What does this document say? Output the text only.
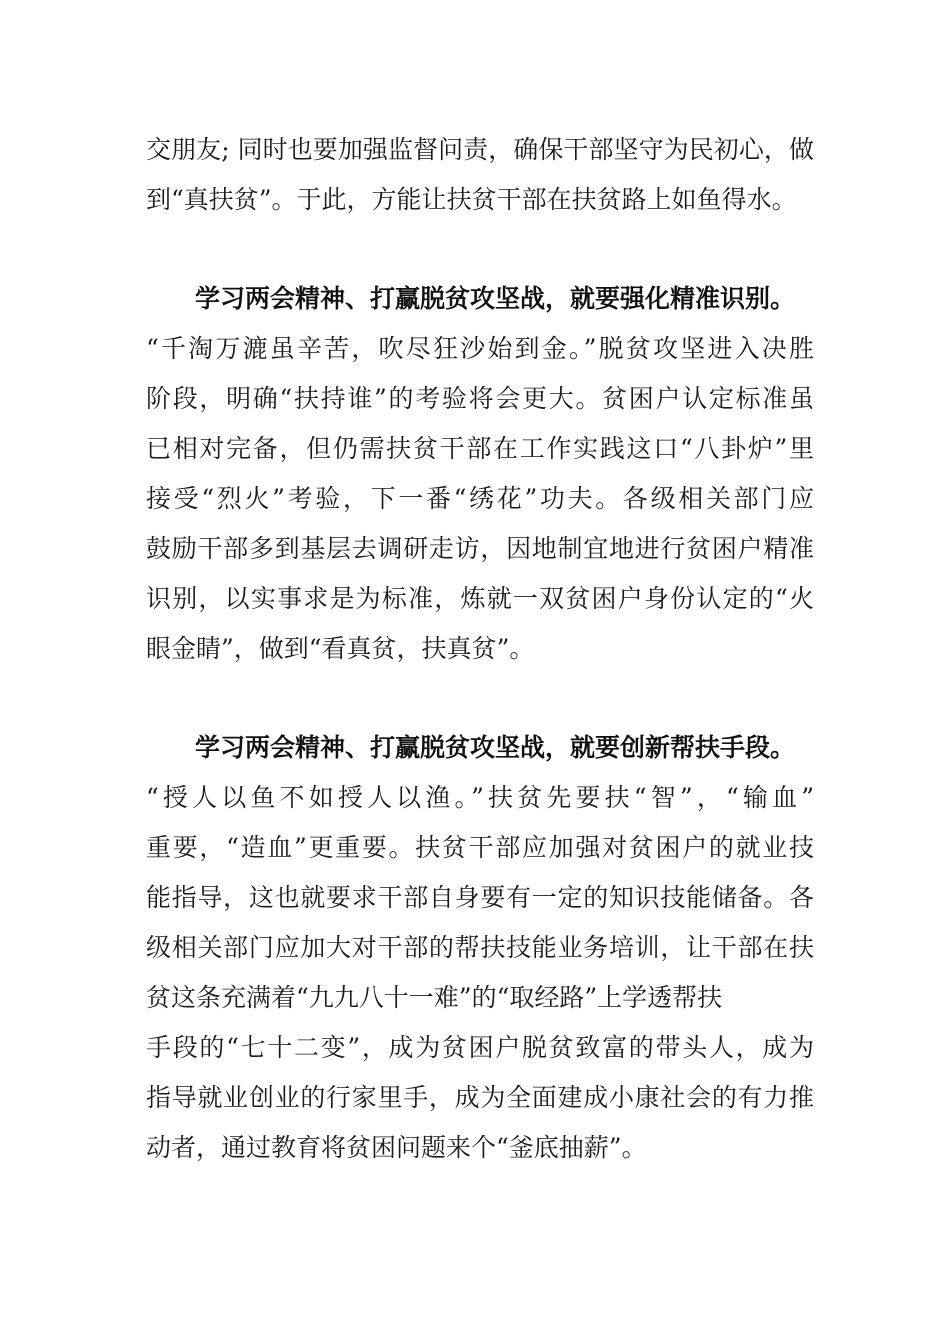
交朋友; 同时也要加强监督问责，确保干部坚守为民初心，做

到“真扶贫”。于此，方能让扶贫干部在扶贫路上如鱼得水。

学习两会精神、打赢脱贫攻坚战，就要强化精准识别。

“千淘万漉虽辛苦，吹尽狂沙始到金。”脱贫攻坚进入决胜

阶段，明确“扶持谁”的考验将会更大。贫困户认定标准虽

已相对完备，但仍需扶贫干部在工作实践这口“八卦炉”里

接受“烈火”考验，下一番“绣花”功夫。各级相关部门应

鼓励干部多到基层去调研走访，因地制宜地进行贫困户精准

识别，以实事求是为标准，炼就一双贫困户身份认定的“火

眼金睛”，做到“看真贫，扶真贫”。

学习两会精神、打赢脱贫攻坚战，就要创新帮扶手段。

“授人以鱼不如授人以渔。”扶贫先要扶“智”，“输血”

重要，“造血”更重要。扶贫干部应加强对贫困户的就业技

能指导，这也就要求干部自身要有一定的知识技能储备。各

级相关部门应加大对干部的帮扶技能业务培训，让干部在扶

贫这条充满着“九九八十一难”的“取经路”上学透帮扶

手段的“七十二变”，成为贫困户脱贫致富的带头人，成为

指导就业创业的行家里手，成为全面建成小康社会的有力推

动者，通过教育将贫困问题来个“釜底抽薪”。
